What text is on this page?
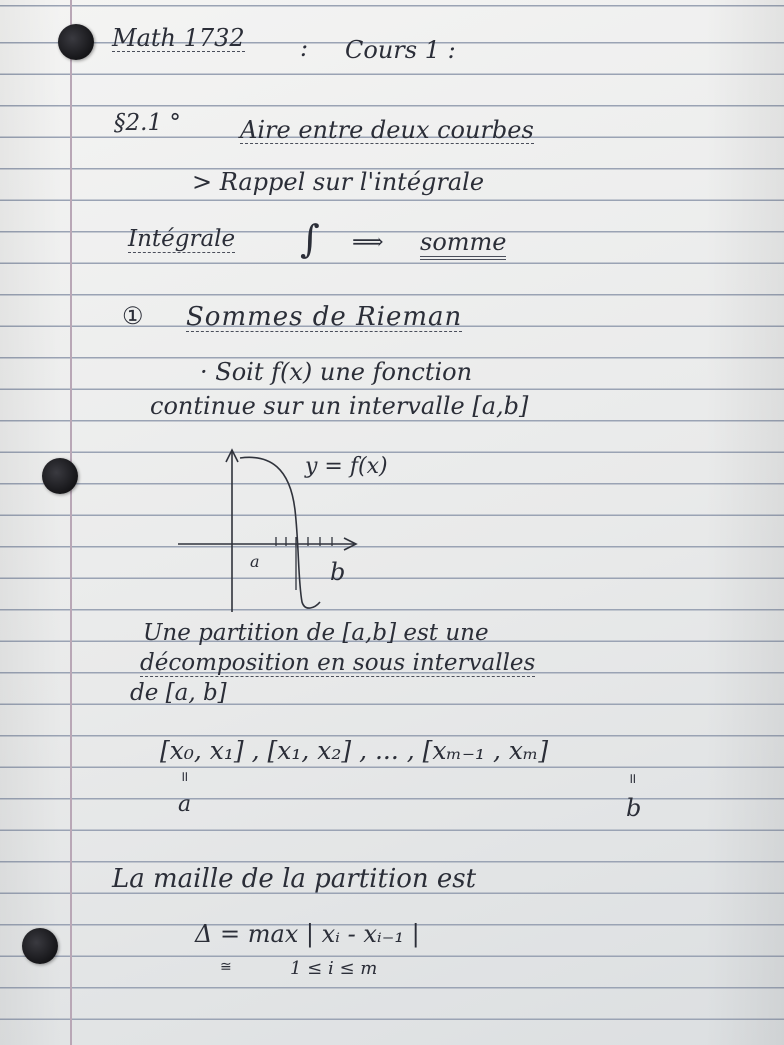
Math 1732 : Cours 1 :
§2.1 ° Aire entre deux courbes
> Rappel sur l'intégrale
Intégrale ∫ ⟹ somme
① Sommes de Rieman
· Soit f(x) une fonction
continue sur un intervalle [a,b]
y = f(x)
a	b
Une partition de [a,b] est une
décomposition en sous intervalles
de [a, b]
[x₀, x₁] , [x₁, x₂] , ... , [xₘ₋₁ , xₘ]
॥
a
॥
b
La maille de la partition est
Δ = max | xᵢ - xᵢ₋₁ |
≅	1 ≤ i ≤ m
